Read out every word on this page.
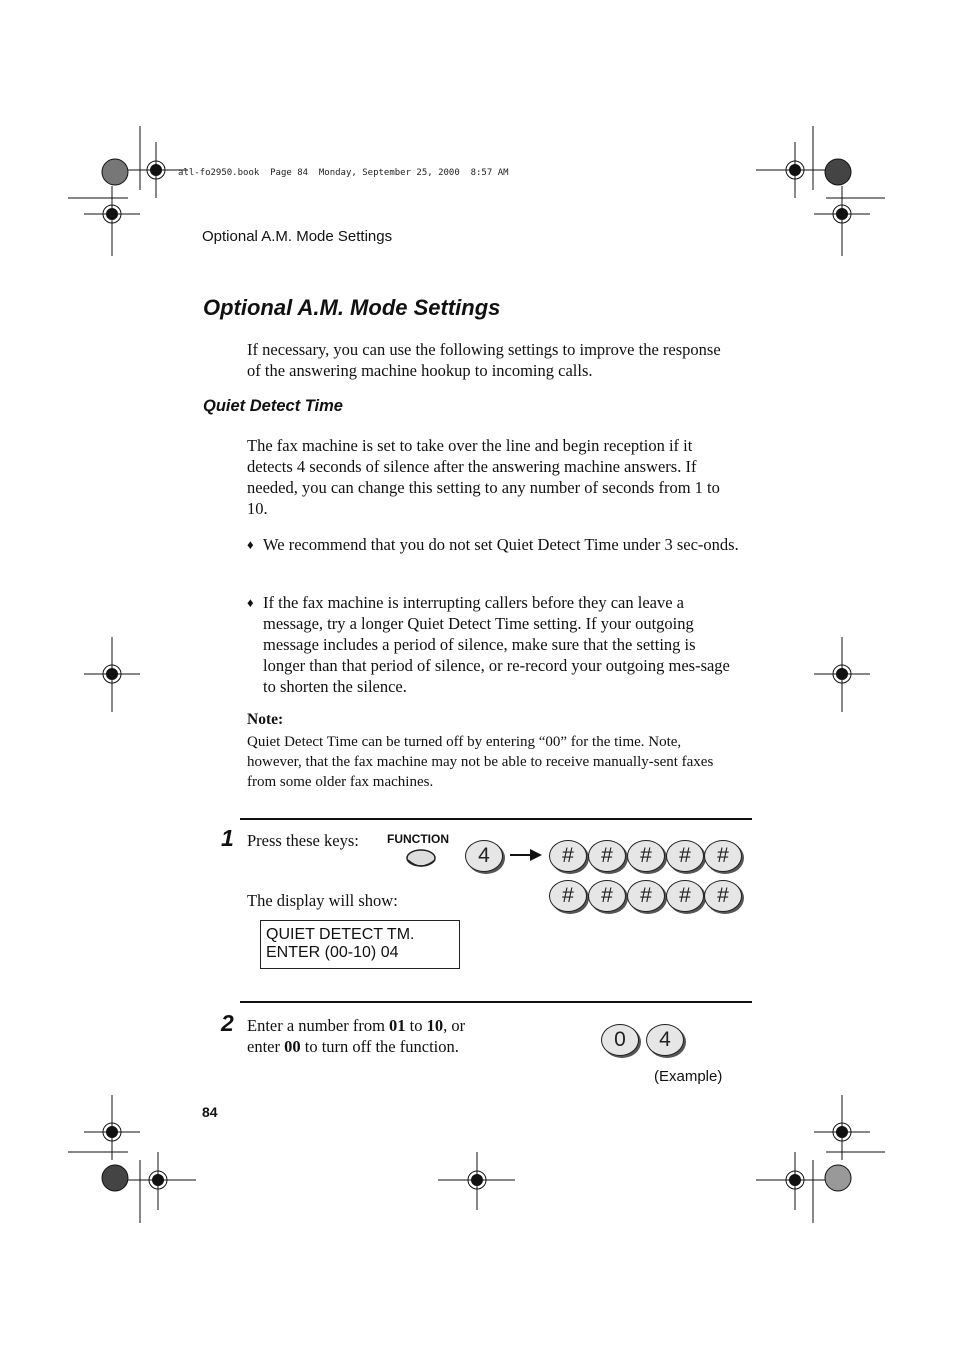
all-fo2950.book  Page 84  Monday, September 25, 2000  8:57 AM
Optional A.M. Mode Settings
Optional A.M. Mode Settings
If necessary, you can use the following settings to improve the response of the answering machine hookup to incoming calls.
Quiet Detect Time
The fax machine is set to take over the line and begin reception if it detects 4 seconds of silence after the answering machine answers. If needed, you can change this setting to any number of seconds from 1 to 10.
♦ We recommend that you do not set Quiet Detect Time under 3 sec-onds.
♦ If the fax machine is interrupting callers before they can leave a message, try a longer Quiet Detect Time setting. If your outgoing message includes a period of silence, make sure that the setting is longer than that period of silence, or re-record your outgoing mes-sage to shorten the silence.
Note:
Quiet Detect Time can be turned off by entering “00” for the time. Note, however, that the fax machine may not be able to receive manually-sent faxes from some older fax machines.
1 Press these keys: FUNCTION
4	#	#	#	#	#
#	#	#	#	#
The display will show:
QUIET DETECT TM.
ENTER (00-10) 04
2 Enter a number from 01 to 10, or
enter 00 to turn off the function.	0	4
(Example)
84
